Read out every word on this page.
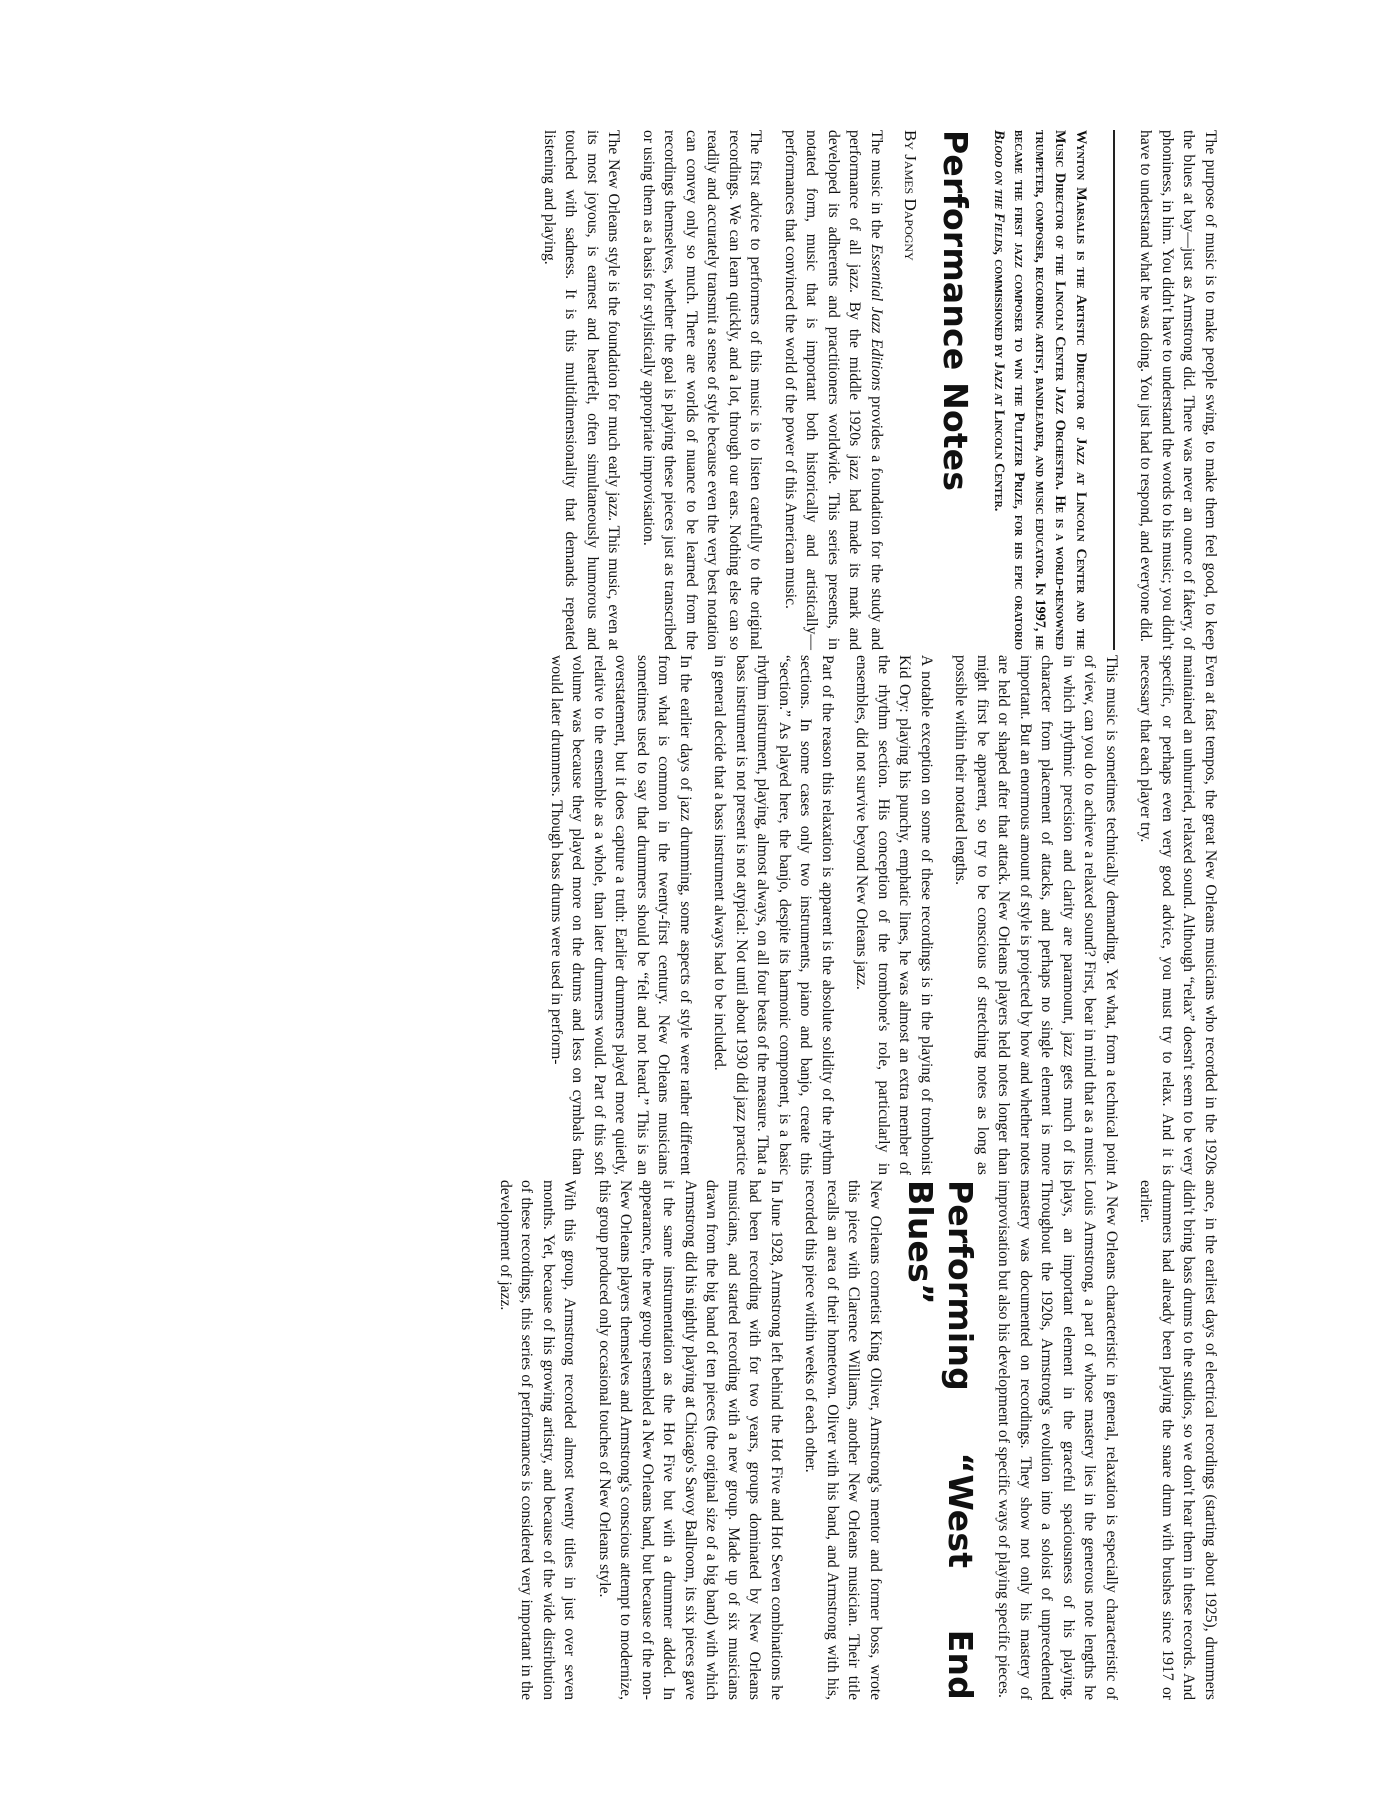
The purpose of music is to make people swing, to make them feel good, to keep the blues at bay—just as Armstrong did. There was never an ounce of fakery, of phoniness, in him. You didn't have to understand the words to his music; you didn't have to understand what he was doing. You just had to respond, and everyone did.

Wynton Marsalis is the Artistic Director of Jazz at Lincoln Center and the Music Director of the Lincoln Center Jazz Orchestra. He is a world-renowned trumpeter, composer, recording artist, bandleader, and music educator. In 1997, he became the first jazz composer to win the Pulitzer Prize, for his epic oratorio Blood on the Fields, commissioned by Jazz at Lincoln Center.

Performance Notes

By James Dapogny

The music in the Essential Jazz Editions provides a foundation for the study and performance of all jazz. By the middle 1920s jazz had made its mark and developed its adherents and practitioners worldwide. This series presents, in notated form, music that is important both historically and artistically—performances that convinced the world of the power of this American music.

The first advice to performers of this music is to listen carefully to the original recordings. We can learn quickly, and a lot, through our ears. Nothing else can so readily and accurately transmit a sense of style because even the very best notation can convey only so much. There are worlds of nuance to be learned from the recordings themselves, whether the goal is playing these pieces just as transcribed or using them as a basis for stylistically appropriate improvisation.

The New Orleans style is the foundation for much early jazz. This music, even at its most joyous, is earnest and heartfelt, often simultaneously humorous and touched with sadness. It is this multidimensionality that demands repeated listening and playing.

Even at fast tempos, the great New Orleans musicians who recorded in the 1920s maintained an unhurried, relaxed sound. Although “relax” doesn't seem to be very specific, or perhaps even very good advice, you must try to relax. And it is necessary that each player try.

This music is sometimes technically demanding. Yet what, from a technical point of view, can you do to achieve a relaxed sound? First, bear in mind that as a music in which rhythmic precision and clarity are paramount, jazz gets much of its character from placement of attacks, and perhaps no single element is more important. But an enormous amount of style is projected by how and whether notes are held or shaped after that attack. New Orleans players held notes longer than might first be apparent, so try to be conscious of stretching notes as long as possible within their notated lengths.

A notable exception on some of these recordings is in the playing of trombonist Kid Ory: playing his punchy, emphatic lines, he was almost an extra member of the rhythm section. His conception of the trombone's role, particularly in ensembles, did not survive beyond New Orleans jazz.

Part of the reason this relaxation is apparent is the absolute solidity of the rhythm sections. In some cases only two instruments, piano and banjo, create this “section.” As played here, the banjo, despite its harmonic component, is a basic rhythm instrument, playing, almost always, on all four beats of the measure. That a bass instrument is not present is not atypical: Not until about 1930 did jazz practice in general decide that a bass instrument always had to be included.

In the earlier days of jazz drumming, some aspects of style were rather different from what is common in the twenty-first century. New Orleans musicians sometimes used to say that drummers should be “felt and not heard.” This is an overstatement, but it does capture a truth: Earlier drummers played more quietly, relative to the ensemble as a whole, than later drummers would. Part of this soft volume was because they played more on the drums and less on cymbals than would later drummers. Though bass drums were used in perform-

ance, in the earliest days of electrical recordings (starting about 1925), drummers didn't bring bass drums to the studios, so we don't hear them in these records. And drummers had already been playing the snare drum with brushes since 1917 or earlier.

A New Orleans characteristic in general, relaxation is especially characteristic of Louis Armstrong, a part of whose mastery lies in the generous note lengths he plays, an important element in the graceful spaciousness of his playing. Throughout the 1920s, Armstrong's evolution into a soloist of unprecedented mastery was documented on recordings. They show not only his mastery of improvisation but also his development of specific ways of playing specific pieces.

Performing “West End Blues”

New Orleans cornetist King Oliver, Armstrong's mentor and former boss, wrote this piece with Clarence Williams, another New Orleans musician. Their title recalls an area of their hometown. Oliver with his band, and Armstrong with his, recorded this piece within weeks of each other.

In June 1928, Armstrong left behind the Hot Five and Hot Seven combinations he had been recording with for two years, groups dominated by New Orleans musicians, and started recording with a new group. Made up of six musicians drawn from the big band of ten pieces (the original size of a big band) with which Armstrong did his nightly playing at Chicago's Savoy Ballroom, its six pieces gave it the same instrumentation as the Hot Five but with a drummer added. In appearance, the new group resembled a New Orleans band, but because of the non-New Orleans players themselves and Armstrong's conscious attempt to modernize, this group produced only occasional touches of New Orleans style.

With this group, Armstrong recorded almost twenty titles in just over seven months. Yet, because of his growing artistry, and because of the wide distribution of these recordings, this series of performances is considered very important in the development of jazz.
